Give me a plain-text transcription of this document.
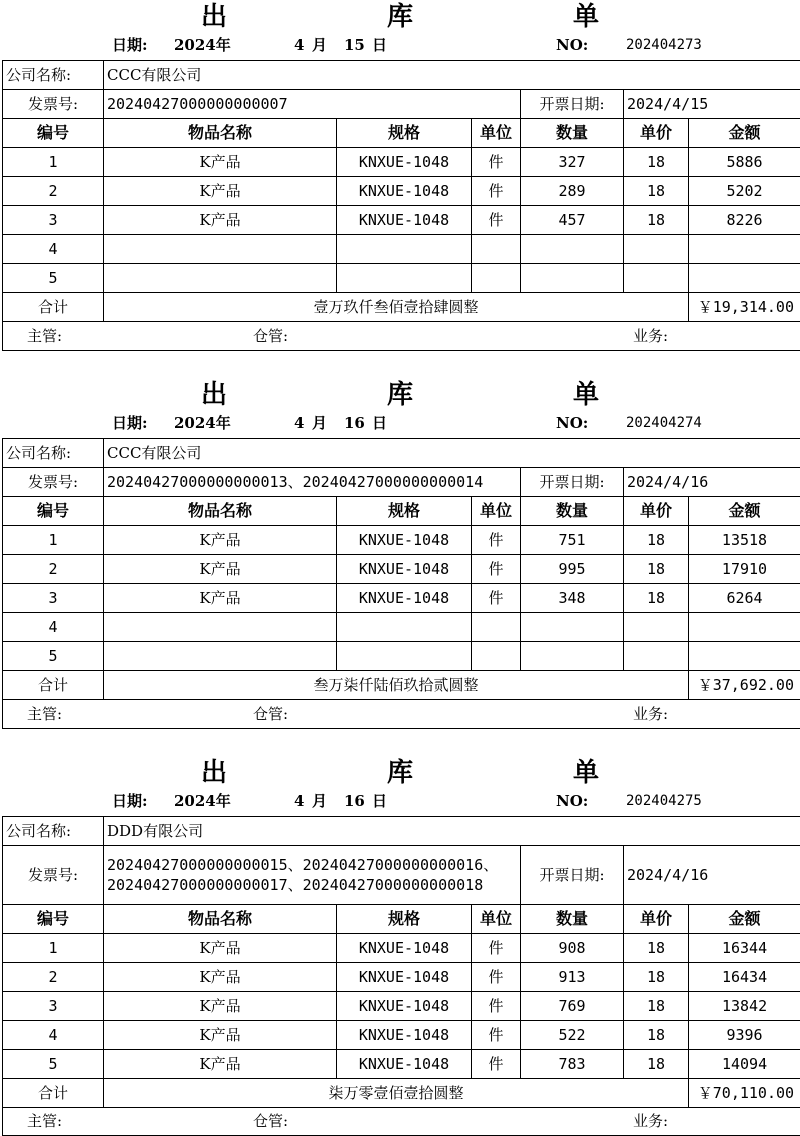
出　　库　　单
日期: 2024年	4 月 15 日	NO:	202404273
公司名称:	CCC有限公司					
发票号:	20240427000000000007			开票日期:	2024/4/15	
编号	物品名称	规格	单位	数量	单价	金额
1	K产品	KNXUE-1048	件	327	18	5886
2	K产品	KNXUE-1048	件	289	18	5202
3	K产品	KNXUE-1048	件	457	18	8226
4						
5						
合计	壹万玖仟叁佰壹拾肆圆整					￥19,314.00
主管:	仓管:	业务:
出　　库　　单
日期: 2024年	4 月 16 日	NO:	202404274
公司名称:	CCC有限公司					
发票号:	20240427000000000013、20240427000000000014			开票日期:	2024/4/16	
编号	物品名称	规格	单位	数量	单价	金额
1	K产品	KNXUE-1048	件	751	18	13518
2	K产品	KNXUE-1048	件	995	18	17910
3	K产品	KNXUE-1048	件	348	18	6264
4						
5						
合计	叁万柒仟陆佰玖拾贰圆整					￥37,692.00
主管:	仓管:	业务:
出　　库　　单
日期: 2024年	4 月 16 日	NO:	202404275
公司名称:	DDD有限公司					
发票号:	20240427000000000015、20240427000000000016、20240427000000000017、20240427000000000018			开票日期:	2024/4/16	
编号	物品名称	规格	单位	数量	单价	金额
1	K产品	KNXUE-1048	件	908	18	16344
2	K产品	KNXUE-1048	件	913	18	16434
3	K产品	KNXUE-1048	件	769	18	13842
4	K产品	KNXUE-1048	件	522	18	9396
5	K产品	KNXUE-1048	件	783	18	14094
合计	柒万零壹佰壹拾圆整					￥70,110.00
主管:	仓管:	业务:
